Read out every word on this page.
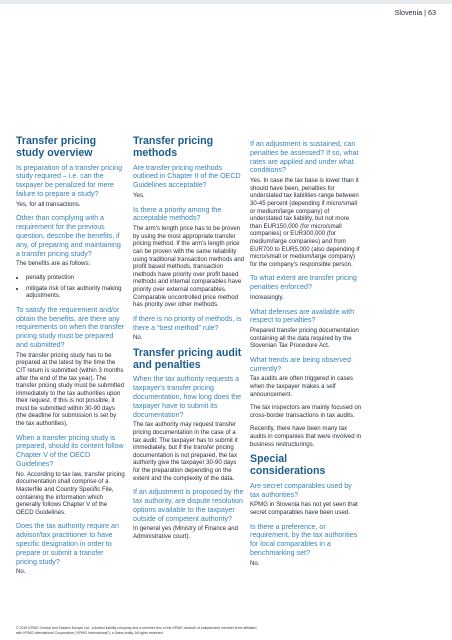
Slovenia | 63
Transfer pricing study overview
Is preparation of a transfer pricing study required – i.e. can the taxpayer be penalized for mere failure to prepare a study?
Yes, for all transactions.
Other than complying with a requirement for the previous question, describe the benefits, if any, of preparing and maintaining a transfer pricing study?
The benefits are as follows:
• penalty protection
• mitigate risk of tax authority making adjustments.
To satisfy the requirement and/or obtain the benefits, are there any requirements on when the transfer pricing study must be prepared and submitted?
The transfer pricing study has to be prepared at the latest by the time the CIT return is submitted (within 3 months after the end of the tax year). The transfer pricing study must be submitted immediately to the tax authorities upon their request. If this is not possible, it must be submitted within 30-90 days (the deadline for submission is set by the tax authorities).
When a transfer pricing study is prepared, should its content follow Chapter V of the OECD Guidelines?
No. According to tax law, transfer pricing documentation shall comprise of a Masterfile and Country Specific File, containing the information which generally follows Chapter V of the OECD Guidelines.
Does the tax authority require an advisor/tax practitioner to have specific designation in order to prepare or submit a transfer pricing study?
No.
Transfer pricing methods
Are transfer pricing methods outlined in Chapter II of the OECD Guidelines acceptable?
Yes.
Is there a priority among the acceptable methods?
The arm's length price has to be proven by using the most appropriate transfer pricing method. If the arm's length price can be proven with the same reliability using traditional transaction methods and profit based methods, transaction methods have priority over profit based methods and internal comparables have priority over external comparables. Comparable uncontrolled price method has priority over other methods.
If there is no priority of methods, is there a “best method” rule?
No.
Transfer pricing audit and penalties
When the tax authority requests a taxpayer's transfer pricing documentation, how long does the taxpayer have to submit its documentation?
The tax authority may request transfer pricing documentation in the case of a tax audit. The taxpayer has to submit it immediately, but if the transfer pricing documentation is not prepared, the tax authority give the taxpayer 30-90 days for the preparation depending on the extent and the complexity of the data.
If an adjustment is proposed by the tax authority, are dispute resolution options available to the taxpayer outside of competent authority?
In general yes (Ministry of Finance and Administrative court).
If an adjustment is sustained, can penalties be assessed? If so, what rates are applied and under what conditions?
Yes. In case the tax base is lower than it should have been, penalties for understated tax liabilities range between 30-45 percent (depending if micro/small or medium/large company) of understated tax liability, but not more than EUR150,000 (for micro/small companies) or EUR300,000 (for medium/large companies) and from EUR700 to EUR5,000 (also depending if micro/small or medium/large company) for the company's responsible person.
To what extent are transfer pricing penalties enforced?
Increasingly.
What defenses are available with respect to penalties?
Prepared transfer pricing documentation containing all the data required by the Slovenian Tax Procedure Act.
What trends are being observed currently?
Tax audits are often triggered in cases when the taxpayer makes a self announcement.
The tax inspectors are mainly focused on cross-border transactions in tax audits.
Recently, there have been many tax audits in companies that were involved in business restructurings.
Special considerations
Are secret comparables used by tax authorities?
KPMG in Slovenia has not yet seen that secret comparables have been used.
Is there a preference, or requirement, by the tax authorities for local comparables in a benchmarking set?
No.
© 2015 KPMG Central and Eastern Europe Ltd., a limited liability company and a member firm of the KPMG network of independent member firms affiliated
with KPMG International Cooperative (“KPMG International”), a Swiss entity. All rights reserved.
